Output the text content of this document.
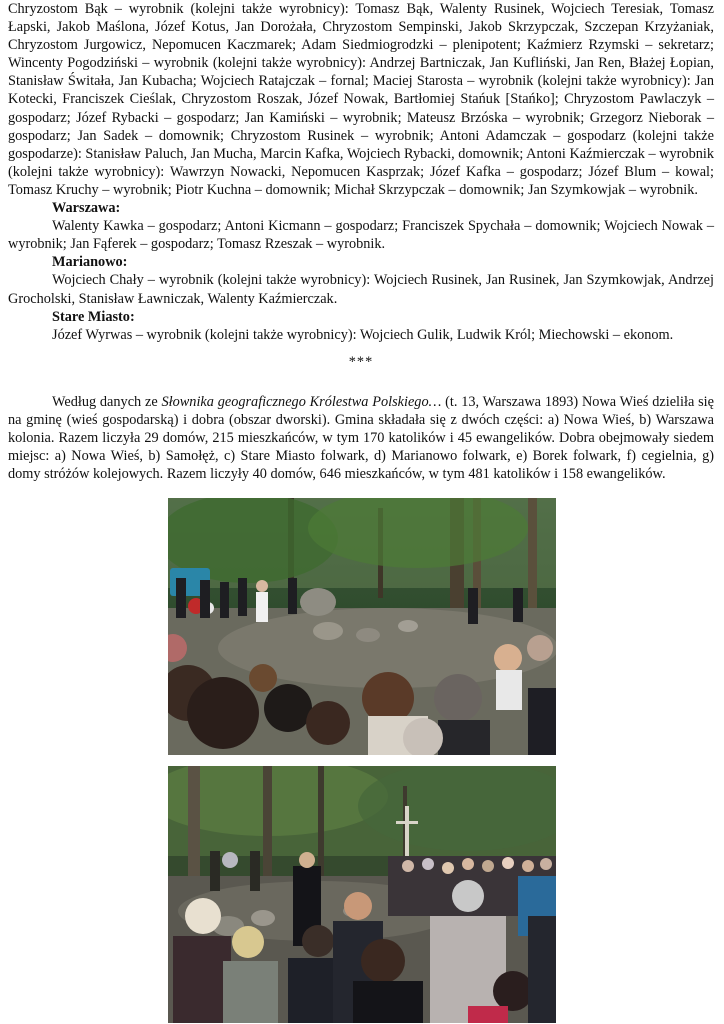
Chryzostom Bąk – wyrobnik (kolejni także wyrobnicy): Tomasz Bąk, Walenty Rusinek, Wojciech Teresiak, Tomasz Łapski, Jakob Maślona, Józef Kotus, Jan Dorożała, Chryzostom Sempinski, Jakob Skrzypczak, Szczepan Krzyżaniak, Chryzostom Jurgowicz, Nepomucen Kaczmarek; Adam Siedmiogrodzki – plenipotent; Kaźmierz Rzymski – sekretarz; Wincenty Pogodziński – wyrobnik (kolejni także wyrobnicy): Andrzej Bartniczak, Jan Kufliński, Jan Ren, Błażej Łopian, Stanisław Świtała, Jan Kubacha; Wojciech Ratajczak – fornal; Maciej Starosta – wyrobnik (kolejni także wyrobnicy): Jan Kotecki, Franciszek Cieślak, Chryzostom Roszak, Józef Nowak, Bartłomiej Stańuk [Stańko]; Chryzostom Pawlaczyk – gospodarz; Józef Rybacki – gospodarz; Jan Kamiński – wyrobnik; Mateusz Brzóska – wyrobnik; Grzegorz Nieborak – gospodarz; Jan Sadek – domownik; Chryzostom Rusinek – wyrobnik; Antoni Adamczak – gospodarz (kolejni także gospodarze): Stanisław Paluch, Jan Mucha, Marcin Kafka, Wojciech Rybacki, domownik; Antoni Kaźmierczak – wyrobnik (kolejni także wyrobnicy): Wawrzyn Nowacki, Nepomucen Kasprzak; Józef Kafka – gospodarz; Józef Blum – kowal; Tomasz Kruchy – wyrobnik; Piotr Kuchna – domownik; Michał Skrzypczak – domownik; Jan Szymkowjak – wyrobnik.

Warszawa:

Walenty Kawka – gospodarz; Antoni Kicmann – gospodarz; Franciszek Spychała – domownik; Wojciech Nowak – wyrobnik; Jan Fąferek – gospodarz; Tomasz Rzeszak – wyrobnik.

Marianowo:

Wojciech Chały – wyrobnik (kolejni także wyrobnicy): Wojciech Rusinek, Jan Rusinek, Jan Szymkowjak, Andrzej Grocholski, Stanisław Ławniczak, Walenty Kaźmierczak.

Stare Miasto:

Józef Wyrwas – wyrobnik (kolejni także wyrobnicy): Wojciech Gulik, Ludwik Król; Miechowski – ekonom.

***

Według danych ze Słownika geograficznego Królestwa Polskiego… (t. 13, Warszawa 1893) Nowa Wieś dzieliła się na gminę (wieś gospodarską) i dobra (obszar dworski). Gmina składała się z dwóch części: a) Nowa Wieś, b) Warszawa kolonia. Razem liczyła 29 domów, 215 mieszkańców, w tym 170 katolików i 45 ewangelików. Dobra obejmowały siedem miejsc: a) Nowa Wieś, b) Samołęż, c) Stare Miasto folwark, d) Marianowo folwark, e) Borek folwark, f) cegielnia, g) domy stróżów kolejowych. Razem liczyły 40 domów, 646 mieszkańców, w tym 481 katolików i 158 ewangelików.
